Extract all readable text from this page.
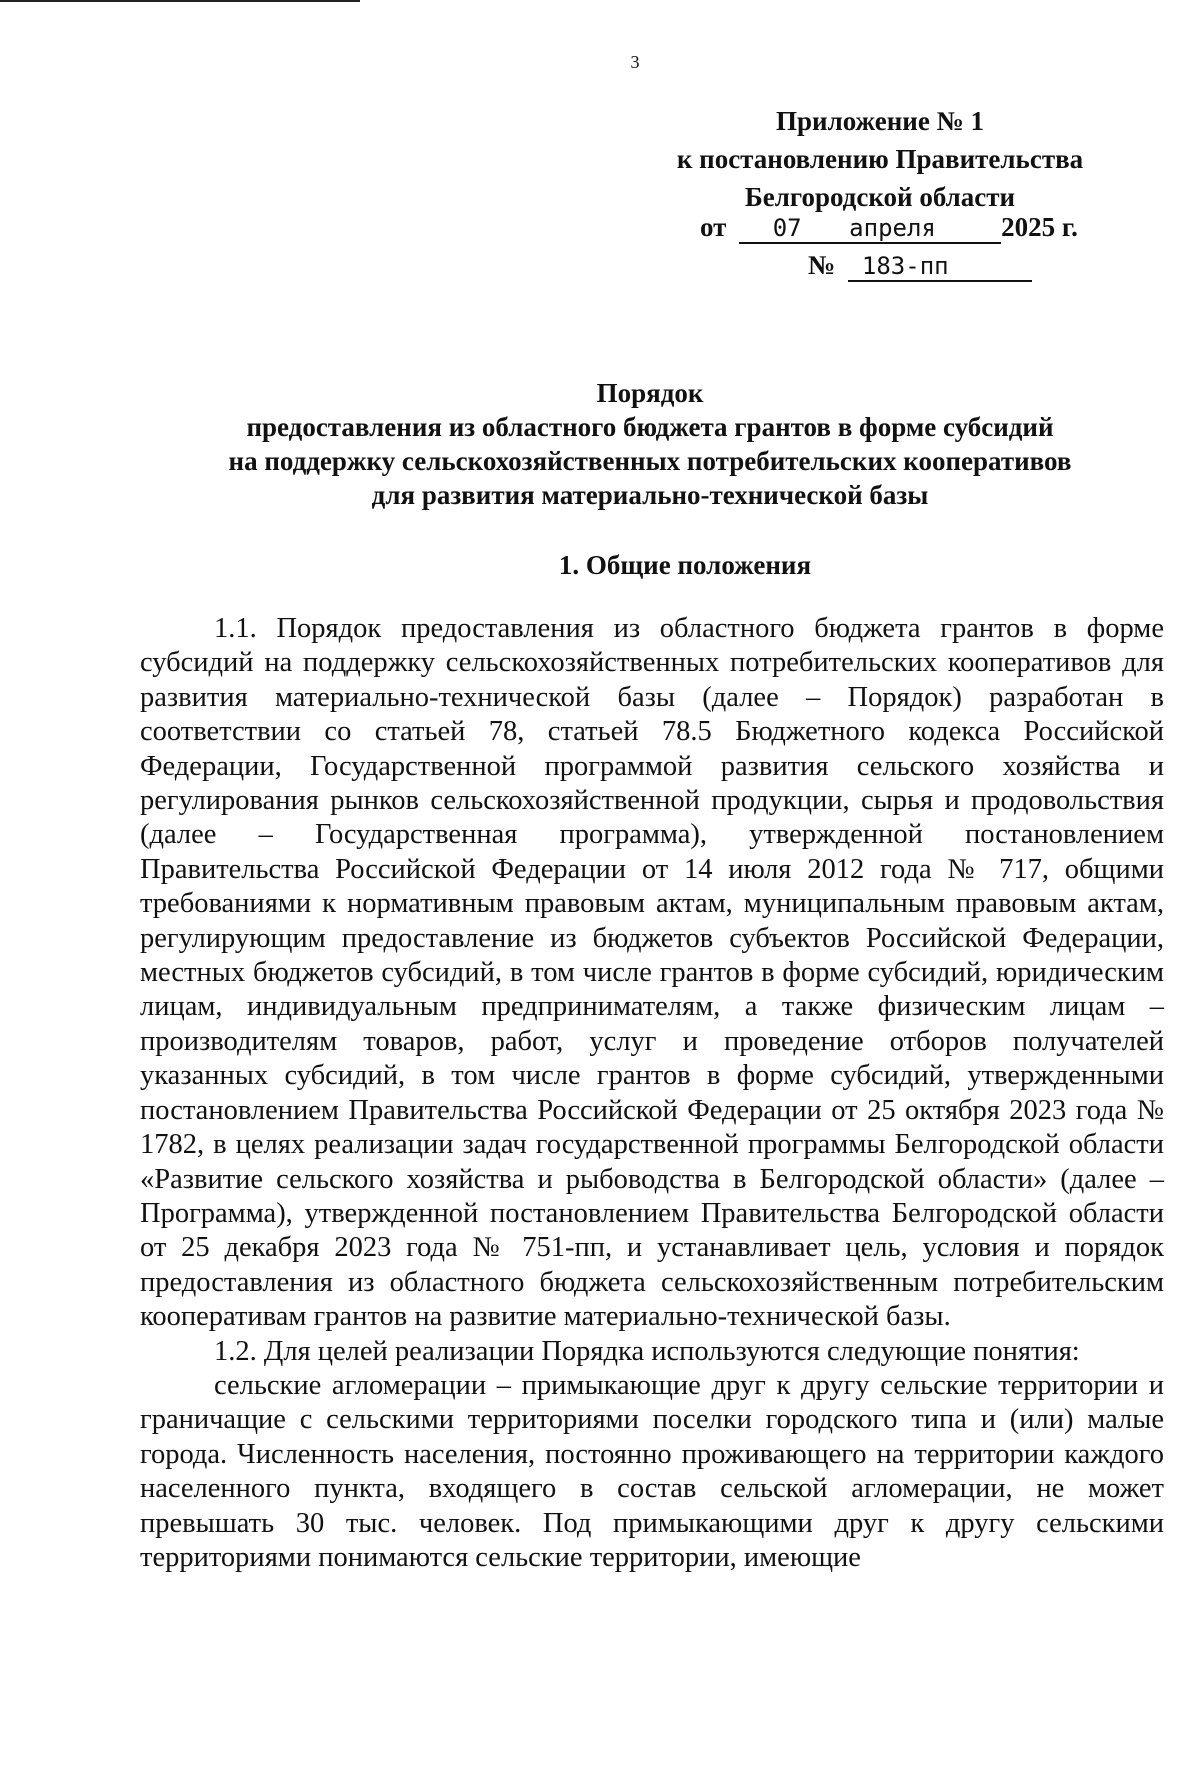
3
Приложение № 1
к постановлению Правительства
Белгородской области
от 07 апреля 2025 г.
№ 183-пп
Порядок
предоставления из областного бюджета грантов в форме субсидий
на поддержку сельскохозяйственных потребительских кооперативов
для развития материально-технической базы
1. Общие положения

1.1. Порядок предоставления из областного бюджета грантов в форме субсидий на поддержку сельскохозяйственных потребительских кооперативов для развития материально-технической базы (далее – Порядок) разработан в соответствии со статьей 78, статьей 78.5 Бюджетного кодекса Российской Федерации, Государственной программой развития сельского хозяйства и регулирования рынков сельскохозяйственной продукции, сырья и продовольствия (далее – Государственная программа), утвержденной постановлением Правительства Российской Федерации от 14 июля 2012 года № 717, общими требованиями к нормативным правовым актам, муниципальным правовым актам, регулирующим предоставление из бюджетов субъектов Российской Федерации, местных бюджетов субсидий, в том числе грантов в форме субсидий, юридическим лицам, индивидуальным предпринимателям, а также физическим лицам – производителям товаров, работ, услуг и проведение отборов получателей указанных субсидий, в том числе грантов в форме субсидий, утвержденными постановлением Правительства Российской Федерации от 25 октября 2023 года № 1782, в целях реализации задач государственной программы Белгородской области «Развитие сельского хозяйства и рыбоводства в Белгородской области» (далее – Программа), утвержденной постановлением Правительства Белгородской области от 25 декабря 2023 года № 751-пп, и устанавливает цель, условия и порядок предоставления из областного бюджета сельскохозяйственным потребительским кооперативам грантов на развитие материально-технической базы.

1.2. Для целей реализации Порядка используются следующие понятия:

сельские агломерации – примыкающие друг к другу сельские территории и граничащие с сельскими территориями поселки городского типа и (или) малые города. Численность населения, постоянно проживающего на территории каждого населенного пункта, входящего в состав сельской агломерации, не может превышать 30 тыс. человек. Под примыкающими друг к другу сельскими территориями понимаются сельские территории, имеющие
